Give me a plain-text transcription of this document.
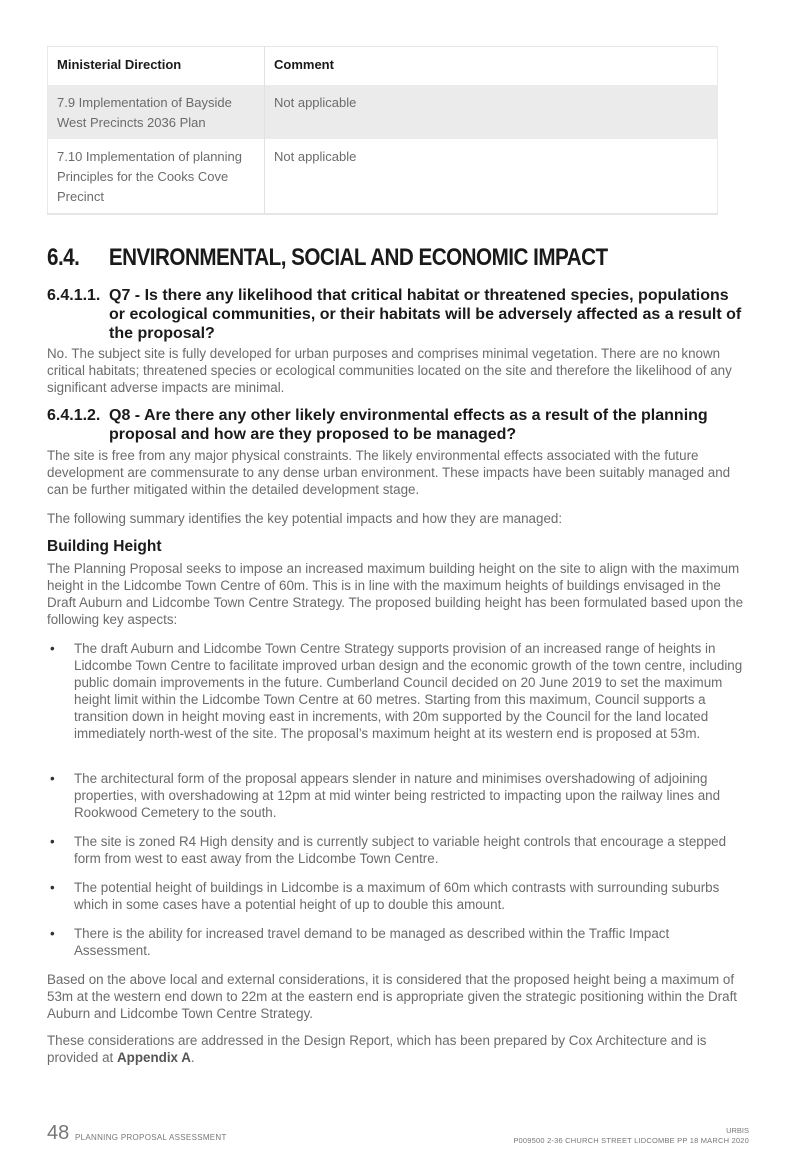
Ministerial Direction	Comment
7.9 Implementation of Bayside West Precincts 2036 Plan	Not applicable
7.10 Implementation of planning Principles for the Cooks Cove Precinct	Not applicable
6.4. ENVIRONMENTAL, SOCIAL AND ECONOMIC IMPACT
6.4.1.1. Q7 - Is there any likelihood that critical habitat or threatened species, populations or ecological communities, or their habitats will be adversely affected as a result of the proposal?
No. The subject site is fully developed for urban purposes and comprises minimal vegetation. There are no known critical habitats; threatened species or ecological communities located on the site and therefore the likelihood of any significant adverse impacts are minimal.
6.4.1.2. Q8 - Are there any other likely environmental effects as a result of the planning proposal and how are they proposed to be managed?
The site is free from any major physical constraints. The likely environmental effects associated with the future development are commensurate to any dense urban environment. These impacts have been suitably managed and can be further mitigated within the detailed development stage.
The following summary identifies the key potential impacts and how they are managed:
Building Height
The Planning Proposal seeks to impose an increased maximum building height on the site to align with the maximum height in the Lidcombe Town Centre of 60m. This is in line with the maximum heights of buildings envisaged in the Draft Auburn and Lidcombe Town Centre Strategy. The proposed building height has been formulated based upon the following key aspects:
•	The draft Auburn and Lidcombe Town Centre Strategy supports provision of an increased range of heights in Lidcombe Town Centre to facilitate improved urban design and the economic growth of the town centre, including public domain improvements in the future. Cumberland Council decided on 20 June 2019 to set the maximum height limit within the Lidcombe Town Centre at 60 metres. Starting from this maximum, Council supports a transition down in height moving east in increments, with 20m supported by the Council for the land located immediately north-west of the site. The proposal’s maximum height at its western end is proposed at 53m.
•	The architectural form of the proposal appears slender in nature and minimises overshadowing of adjoining properties, with overshadowing at 12pm at mid winter being restricted to impacting upon the railway lines and Rookwood Cemetery to the south.
•	The site is zoned R4 High density and is currently subject to variable height controls that encourage a stepped form from west to east away from the Lidcombe Town Centre.
•	The potential height of buildings in Lidcombe is a maximum of 60m which contrasts with surrounding suburbs which in some cases have a potential height of up to double this amount.
•	There is the ability for increased travel demand to be managed as described within the Traffic Impact Assessment.
Based on the above local and external considerations, it is considered that the proposed height being a maximum of 53m at the western end down to 22m at the eastern end is appropriate given the strategic positioning within the Draft Auburn and Lidcombe Town Centre Strategy.
These considerations are addressed in the Design Report, which has been prepared by Cox Architecture and is provided at Appendix A.
48 PLANNING PROPOSAL ASSESSMENT
URBIS
P009500 2-36 CHURCH STREET LIDCOMBE PP 18 MARCH 2020
